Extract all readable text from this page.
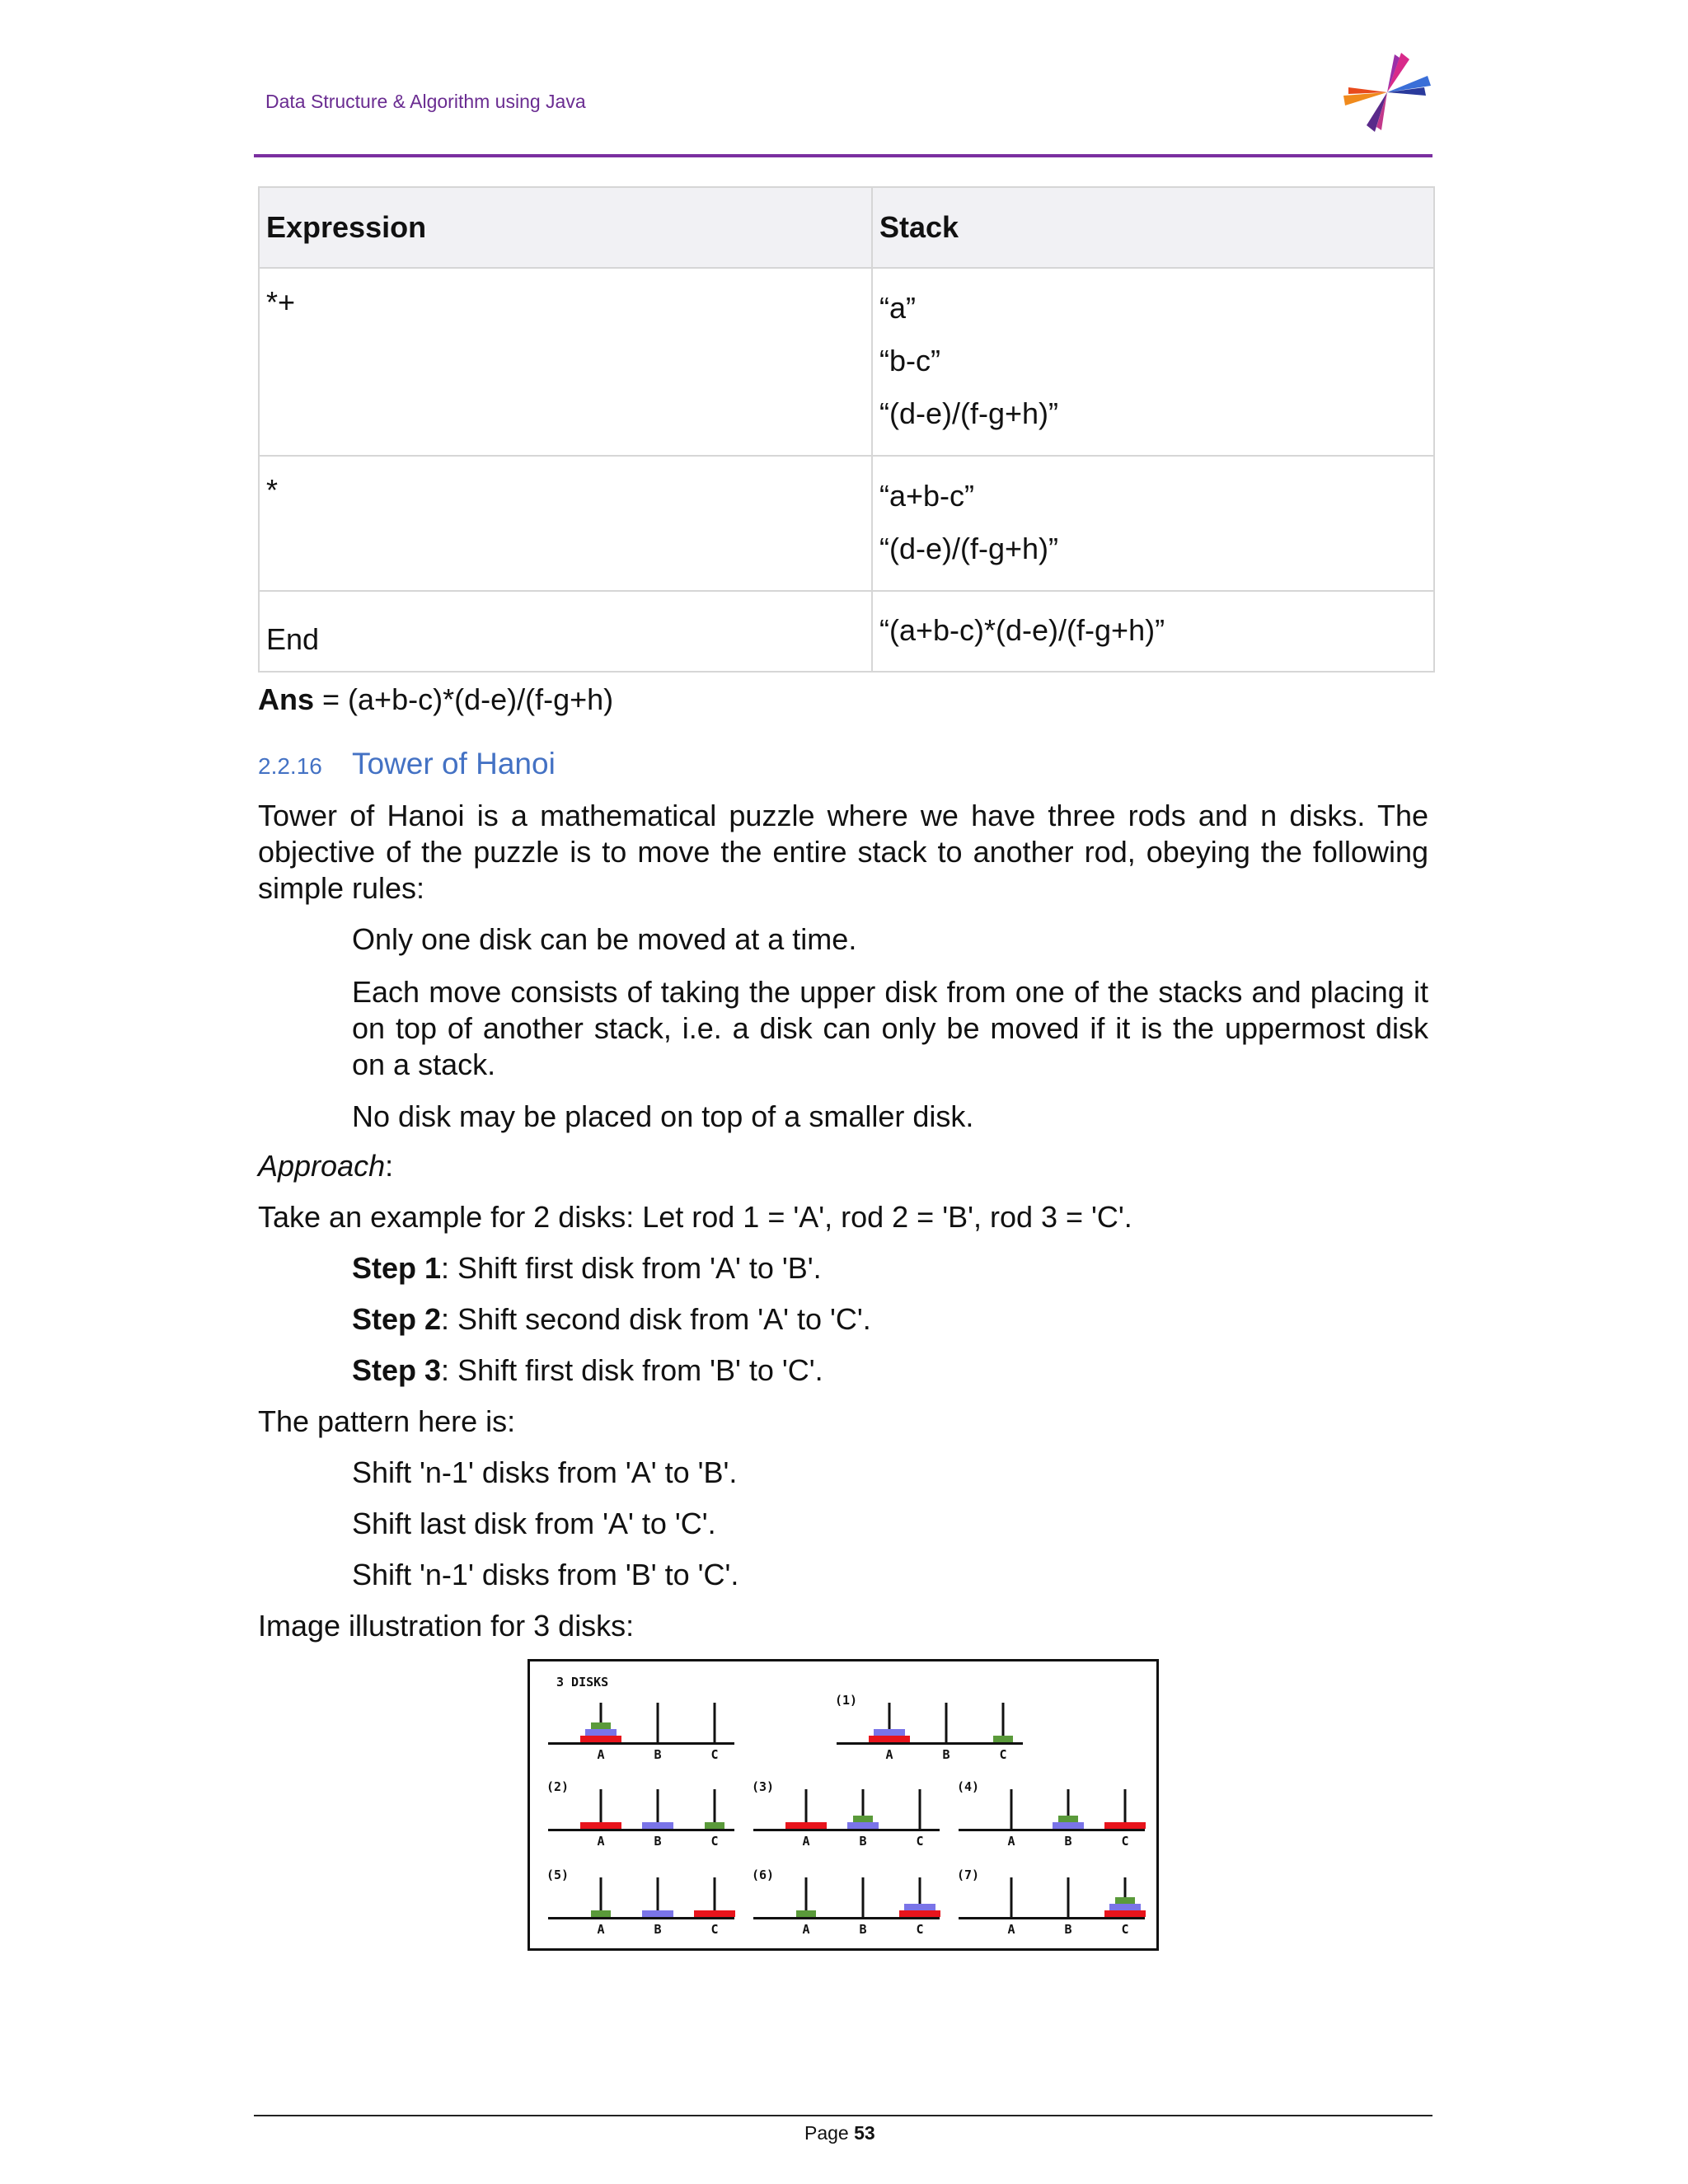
Data Structure & Algorithm using Java
Expression	Stack
*+	“a”
“b-c”
“(d-e)/(f-g+h)”

*	“a+b-c”
“(d-e)/(f-g+h)”

End	“(a+b-c)*(d-e)/(f-g+h)”
Ans = (a+b-c)*(d-e)/(f-g+h)
2.2.16 Tower of Hanoi
Tower of Hanoi is a mathematical puzzle where we have three rods and n disks. The objective of the puzzle is to move the entire stack to another rod, obeying the following simple rules:
Only one disk can be moved at a time.
Each move consists of taking the upper disk from one of the stacks and placing it on top of another stack, i.e. a disk can only be moved if it is the uppermost disk on a stack.
No disk may be placed on top of a smaller disk.
Approach:
Take an example for 2 disks: Let rod 1 = 'A', rod 2 = 'B', rod 3 = 'C'.
Step 1: Shift first disk from 'A' to 'B'.
Step 2: Shift second disk from 'A' to 'C'.
Step 3: Shift first disk from 'B' to 'C'.
The pattern here is:
Shift 'n-1' disks from 'A' to 'B'.
Shift last disk from 'A' to 'C'.
Shift 'n-1' disks from 'B' to 'C'.
Image illustration for 3 disks:
3 DISKS
A	B	C	A	B	C
(1)
A	B	C
(2)
A	B	C
(3)
A	B	C
(4)
A	B	C
(5)
A	B	C
(6)
A	B	C
(7)
Page 53
